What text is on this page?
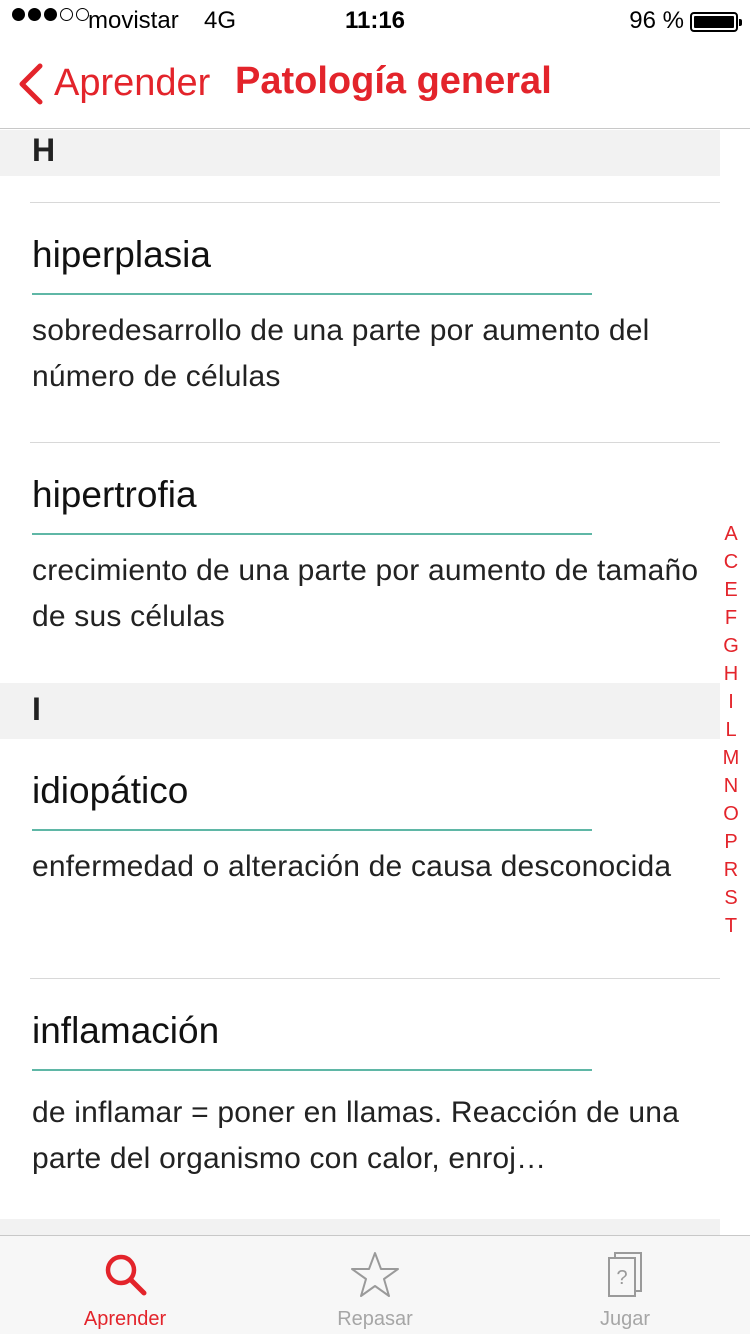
movistar 4G	11:16	96 %
Aprender Patología general
H
hiperplasia
sobredesarrollo de una parte por aumento del número de células
hipertrofia
crecimiento de una parte por aumento de tamaño de sus células
I
idiopático
enfermedad o alteración de causa desconocida
inflamación
de inflamar = poner en llamas. Reacción de una parte del organismo con calor, enroj…
A
C
E
F
G
H
I
L
M
N
O
P
R
S
T
Aprender	Repasar
?
Jugar
